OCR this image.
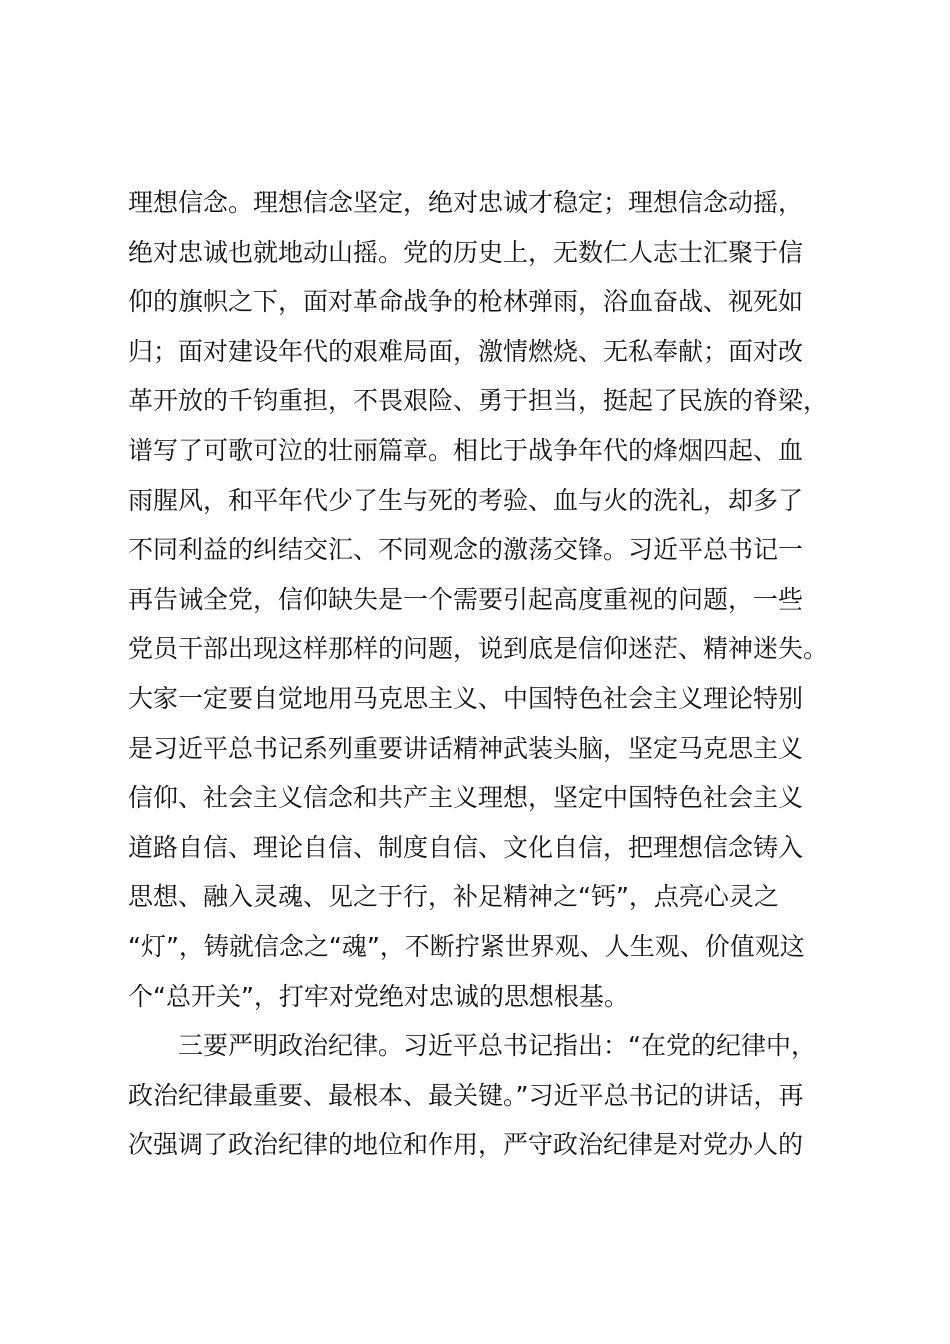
理想信念。理想信念坚定，绝对忠诚才稳定；理想信念动摇，
绝对忠诚也就地动山摇。党的历史上，无数仁人志士汇聚于信
仰的旗帜之下，面对革命战争的枪林弹雨，浴血奋战、视死如
归；面对建设年代的艰难局面，激情燃烧、无私奉献；面对改
革开放的千钧重担，不畏艰险、勇于担当，挺起了民族的脊梁，
谱写了可歌可泣的壮丽篇章。相比于战争年代的烽烟四起、血
雨腥风，和平年代少了生与死的考验、血与火的洗礼，却多了
不同利益的纠结交汇、不同观念的激荡交锋。习近平总书记一
再告诫全党，信仰缺失是一个需要引起高度重视的问题，一些
党员干部出现这样那样的问题，说到底是信仰迷茫、精神迷失。
大家一定要自觉地用马克思主义、中国特色社会主义理论特别
是习近平总书记系列重要讲话精神武装头脑，坚定马克思主义
信仰、社会主义信念和共产主义理想，坚定中国特色社会主义
道路自信、理论自信、制度自信、文化自信，把理想信念铸入
思想、融入灵魂、见之于行，补足精神之“钙”，点亮心灵之
“灯”，铸就信念之“魂”，不断拧紧世界观、人生观、价值观这
个“总开关”，打牢对党绝对忠诚的思想根基。
三要严明政治纪律。习近平总书记指出：“在党的纪律中，
政治纪律最重要、最根本、最关键。”习近平总书记的讲话，再
次强调了政治纪律的地位和作用，严守政治纪律是对党办人的
